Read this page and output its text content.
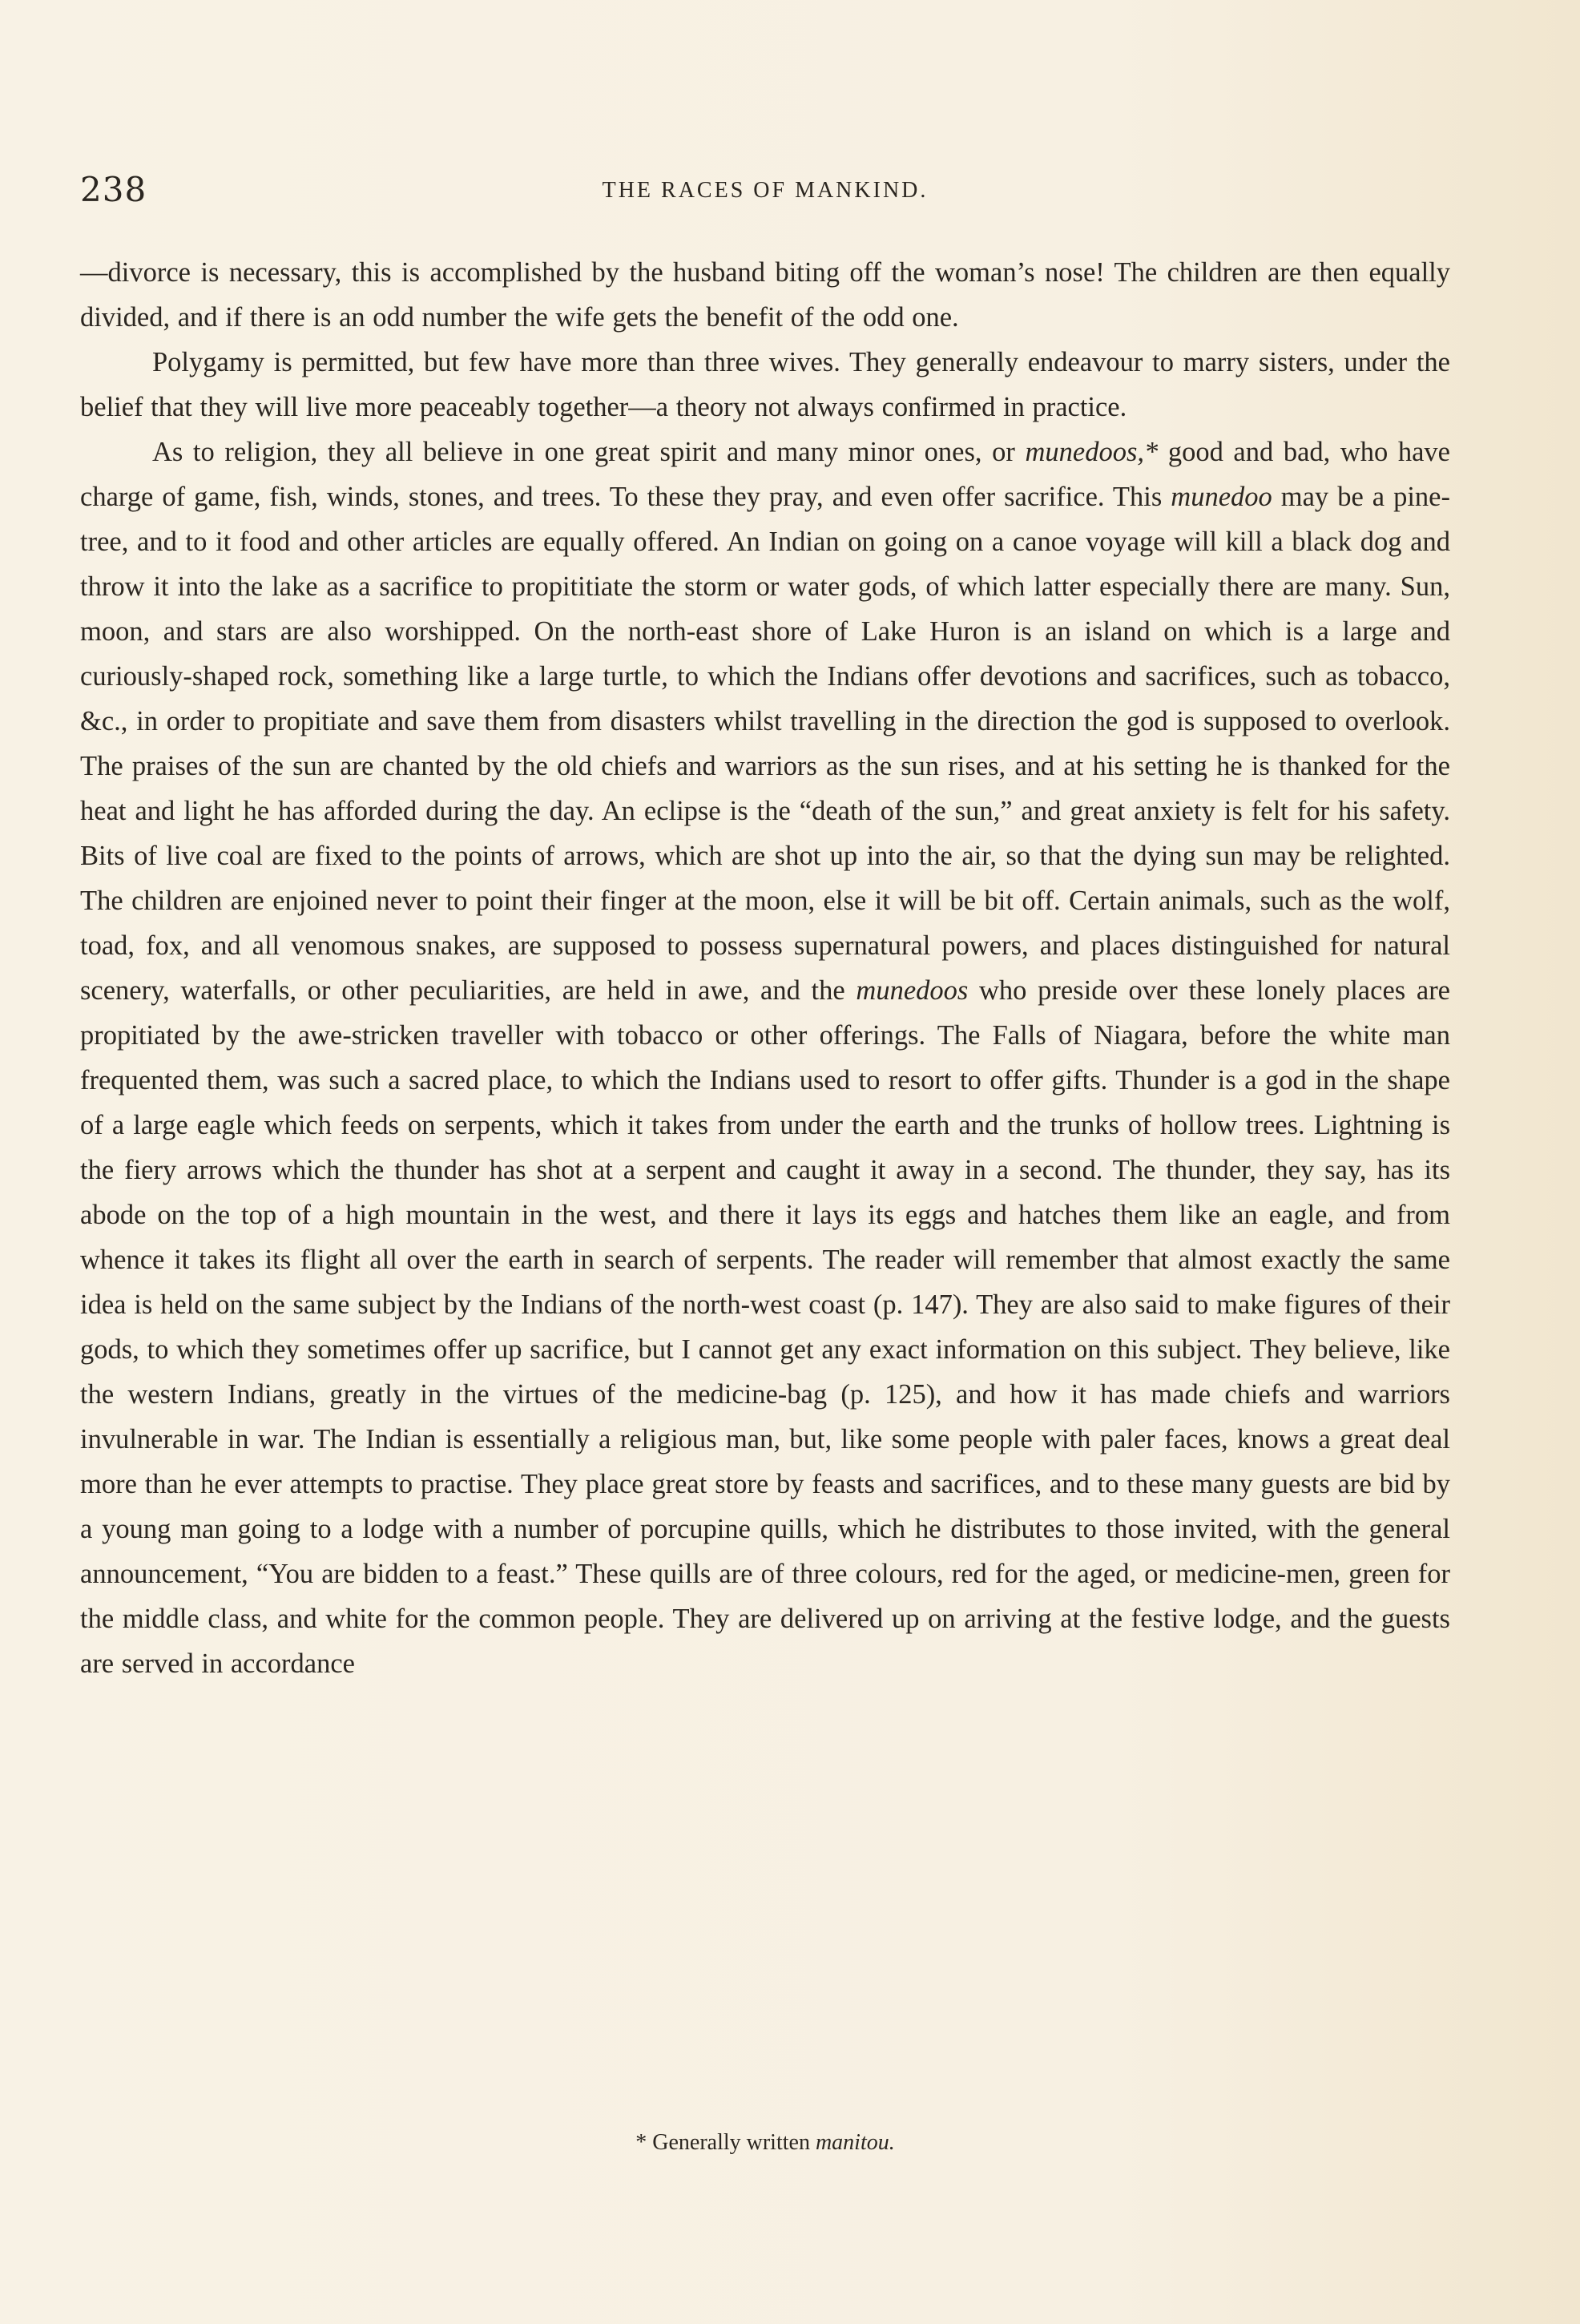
238	THE RACES OF MANKIND.

—divorce is necessary, this is accomplished by the husband biting off the woman’s nose! The children are then equally divided, and if there is an odd number the wife gets the benefit of the odd one.

Polygamy is permitted, but few have more than three wives. They generally endeavour to marry sisters, under the belief that they will live more peaceably together—a theory not always confirmed in practice.

As to religion, they all believe in one great spirit and many minor ones, or munedoos,* good and bad, who have charge of game, fish, winds, stones, and trees. To these they pray, and even offer sacrifice. This munedoo may be a pine-tree, and to it food and other articles are equally offered. An Indian on going on a canoe voyage will kill a black dog and throw it into the lake as a sacrifice to propititiate the storm or water gods, of which latter especially there are many. Sun, moon, and stars are also worshipped. On the north-east shore of Lake Huron is an island on which is a large and curiously-shaped rock, something like a large turtle, to which the Indians offer devotions and sacrifices, such as tobacco, &c., in order to propitiate and save them from disasters whilst travelling in the direction the god is supposed to overlook. The praises of the sun are chanted by the old chiefs and warriors as the sun rises, and at his setting he is thanked for the heat and light he has afforded during the day. An eclipse is the “death of the sun,” and great anxiety is felt for his safety. Bits of live coal are fixed to the points of arrows, which are shot up into the air, so that the dying sun may be relighted. The children are enjoined never to point their finger at the moon, else it will be bit off. Certain animals, such as the wolf, toad, fox, and all venomous snakes, are supposed to possess supernatural powers, and places distinguished for natural scenery, waterfalls, or other peculiarities, are held in awe, and the munedoos who preside over these lonely places are propitiated by the awe-stricken traveller with tobacco or other offerings. The Falls of Niagara, before the white man frequented them, was such a sacred place, to which the Indians used to resort to offer gifts. Thunder is a god in the shape of a large eagle which feeds on serpents, which it takes from under the earth and the trunks of hollow trees. Lightning is the fiery arrows which the thunder has shot at a serpent and caught it away in a second. The thunder, they say, has its abode on the top of a high mountain in the west, and there it lays its eggs and hatches them like an eagle, and from whence it takes its flight all over the earth in search of serpents. The reader will remember that almost exactly the same idea is held on the same subject by the Indians of the north-west coast (p. 147). They are also said to make figures of their gods, to which they sometimes offer up sacrifice, but I cannot get any exact information on this subject. They believe, like the western Indians, greatly in the virtues of the medicine-bag (p. 125), and how it has made chiefs and warriors invulnerable in war. The Indian is essentially a religious man, but, like some people with paler faces, knows a great deal more than he ever attempts to practise. They place great store by feasts and sacrifices, and to these many guests are bid by a young man going to a lodge with a number of porcupine quills, which he distributes to those invited, with the general announcement, “You are bidden to a feast.” These quills are of three colours, red for the aged, or medicine-men, green for the middle class, and white for the common people. They are delivered up on arriving at the festive lodge, and the guests are served in accordance

* Generally written manitou.
